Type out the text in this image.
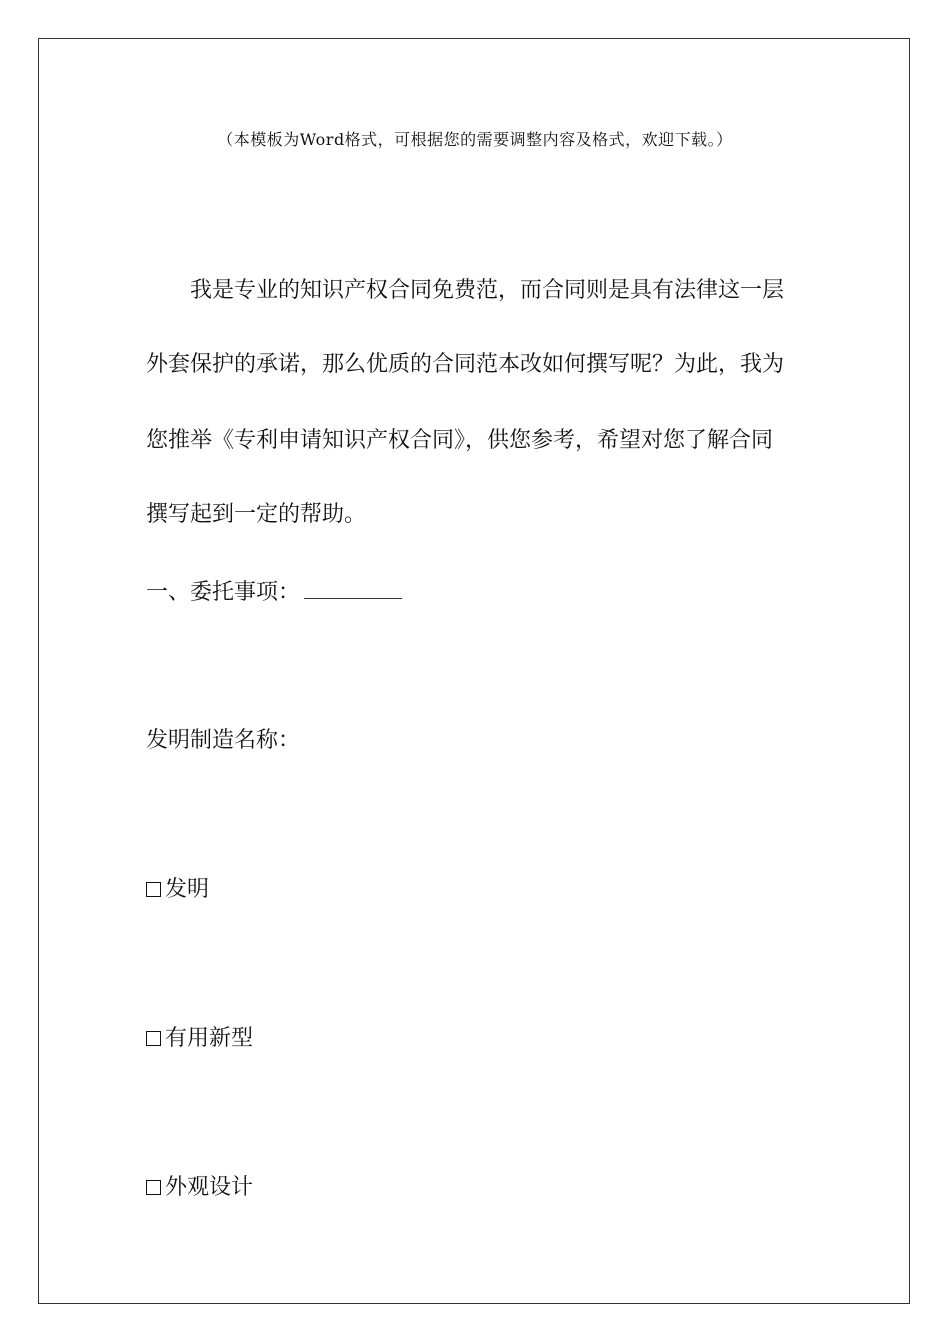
（本模板为Word格式，可根据您的需要调整内容及格式，欢迎下载。）
我是专业的知识产权合同免费范，而合同则是具有法律这一层
外套保护的承诺，那么优质的合同范本改如何撰写呢？为此，我为
您推举《专利申请知识产权合同》，供您参考，希望对您了解合同
撰写起到一定的帮助。
一、委托事项：
发明制造名称：
发明
有用新型
外观设计
